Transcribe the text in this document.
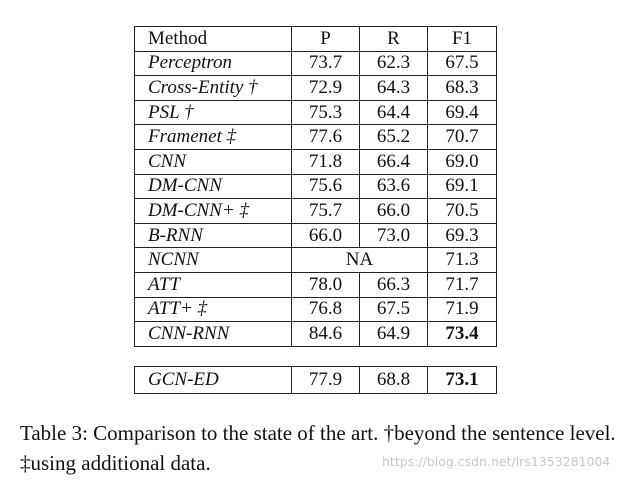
Method	P	R	F1
Perceptron	73.7	62.3	67.5
Cross-Entity †	72.9	64.3	68.3
PSL †	75.3	64.4	69.4
Framenet ‡	77.6	65.2	70.7
CNN	71.8	66.4	69.0
DM-CNN	75.6	63.6	69.1
DM-CNN+ ‡	75.7	66.0	70.5
B-RNN	66.0	73.0	69.3
NCNN	NA		71.3
ATT	78.0	66.3	71.7
ATT+ ‡	76.8	67.5	71.9
CNN-RNN	84.6	64.9	73.4
GCN-ED	77.9	68.8	73.1

Table 3: Comparison to the state of the art. †beyond the sentence level. ‡using additional data.	https://blog.csdn.net/lrs1353281004
